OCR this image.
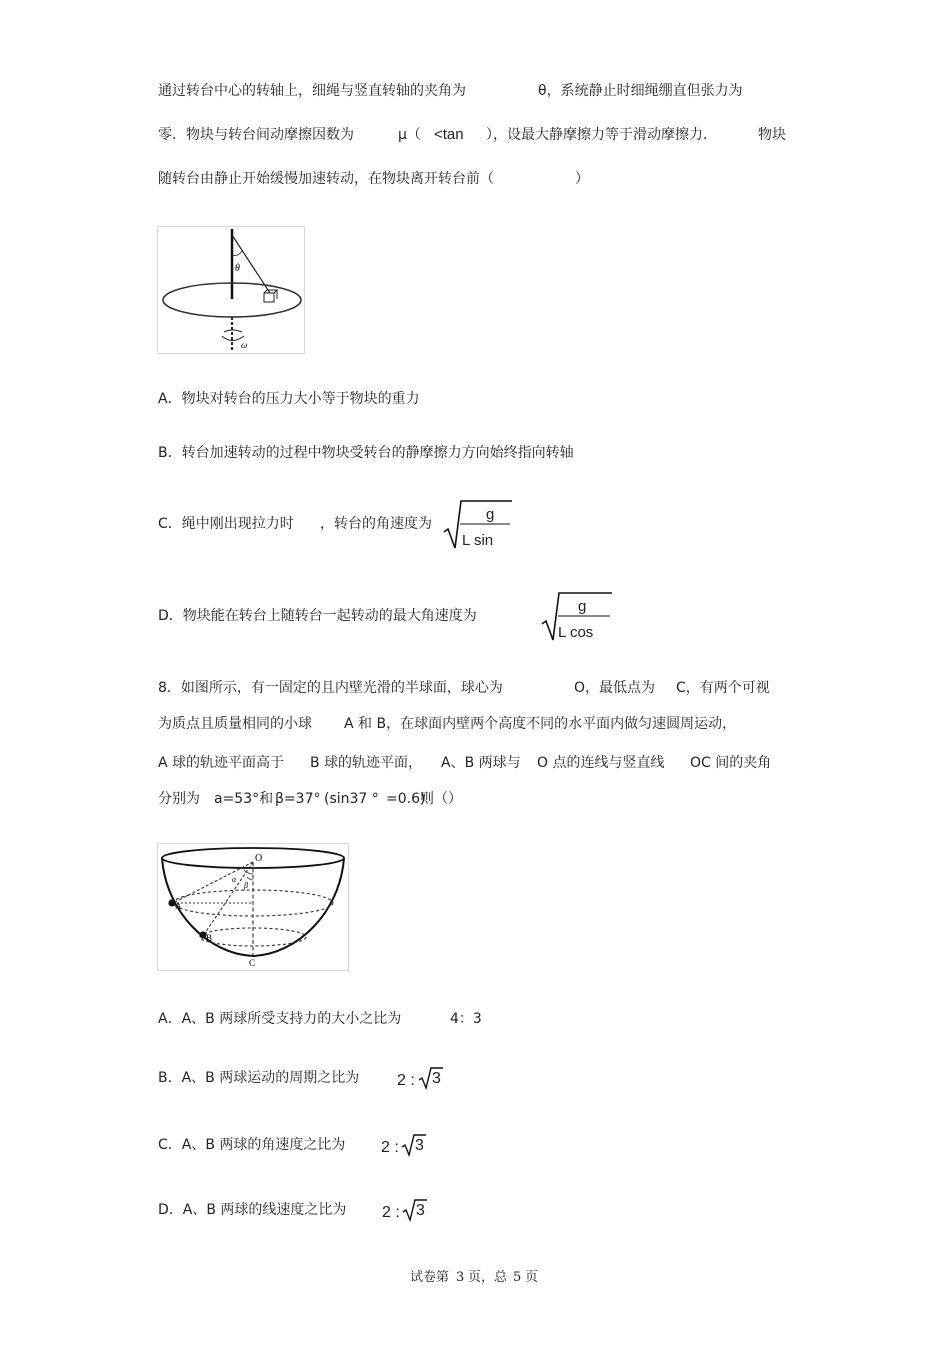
通过转台中心的转轴上，细绳与竖直转轴的夹角为	θ，系统静止时细绳绷直但张力为
零．物块与转台间动摩擦因数为	μ（ <tan ），设最大静摩擦力等于滑动摩擦力．	物块
随转台由静止开始缓慢加速转动，在物块离开转台前（	）
θ
ω
A．物块对转台的压力大小等于物块的重力
B．转台加速转动的过程中物块受转台的静摩擦力方向始终指向转轴
C．绳中刚出现拉力时 ，转台的角速度为
g
L sin
D．物块能在转台上随转台一起转动的最大角速度为
g
L cos
8．如图所示，有一固定的且内壁光滑的半球面，球心为	O，最低点为 C，有两个可视
为质点且质量相同的小球 A 和 B，在球面内壁两个高度不同的水平面内做匀速圆周运动，
A 球的轨迹平面高于 B 球的轨迹平面， A、B 两球与 O 点的连线与竖直线 OC 间的夹角
分别为 a=53°和 β=37° (sin37 ° =0.6)
则（）
O
A
B
C
α
β
A．A、B 两球所受支持力的大小之比为	4：3
B．A、B 两球运动的周期之比为 2 : 3
C．A、B 两球的角速度之比为 2 : 3
D．A、B 两球的线速度之比为 2 : 3
试卷第 3 页，总 5 页
